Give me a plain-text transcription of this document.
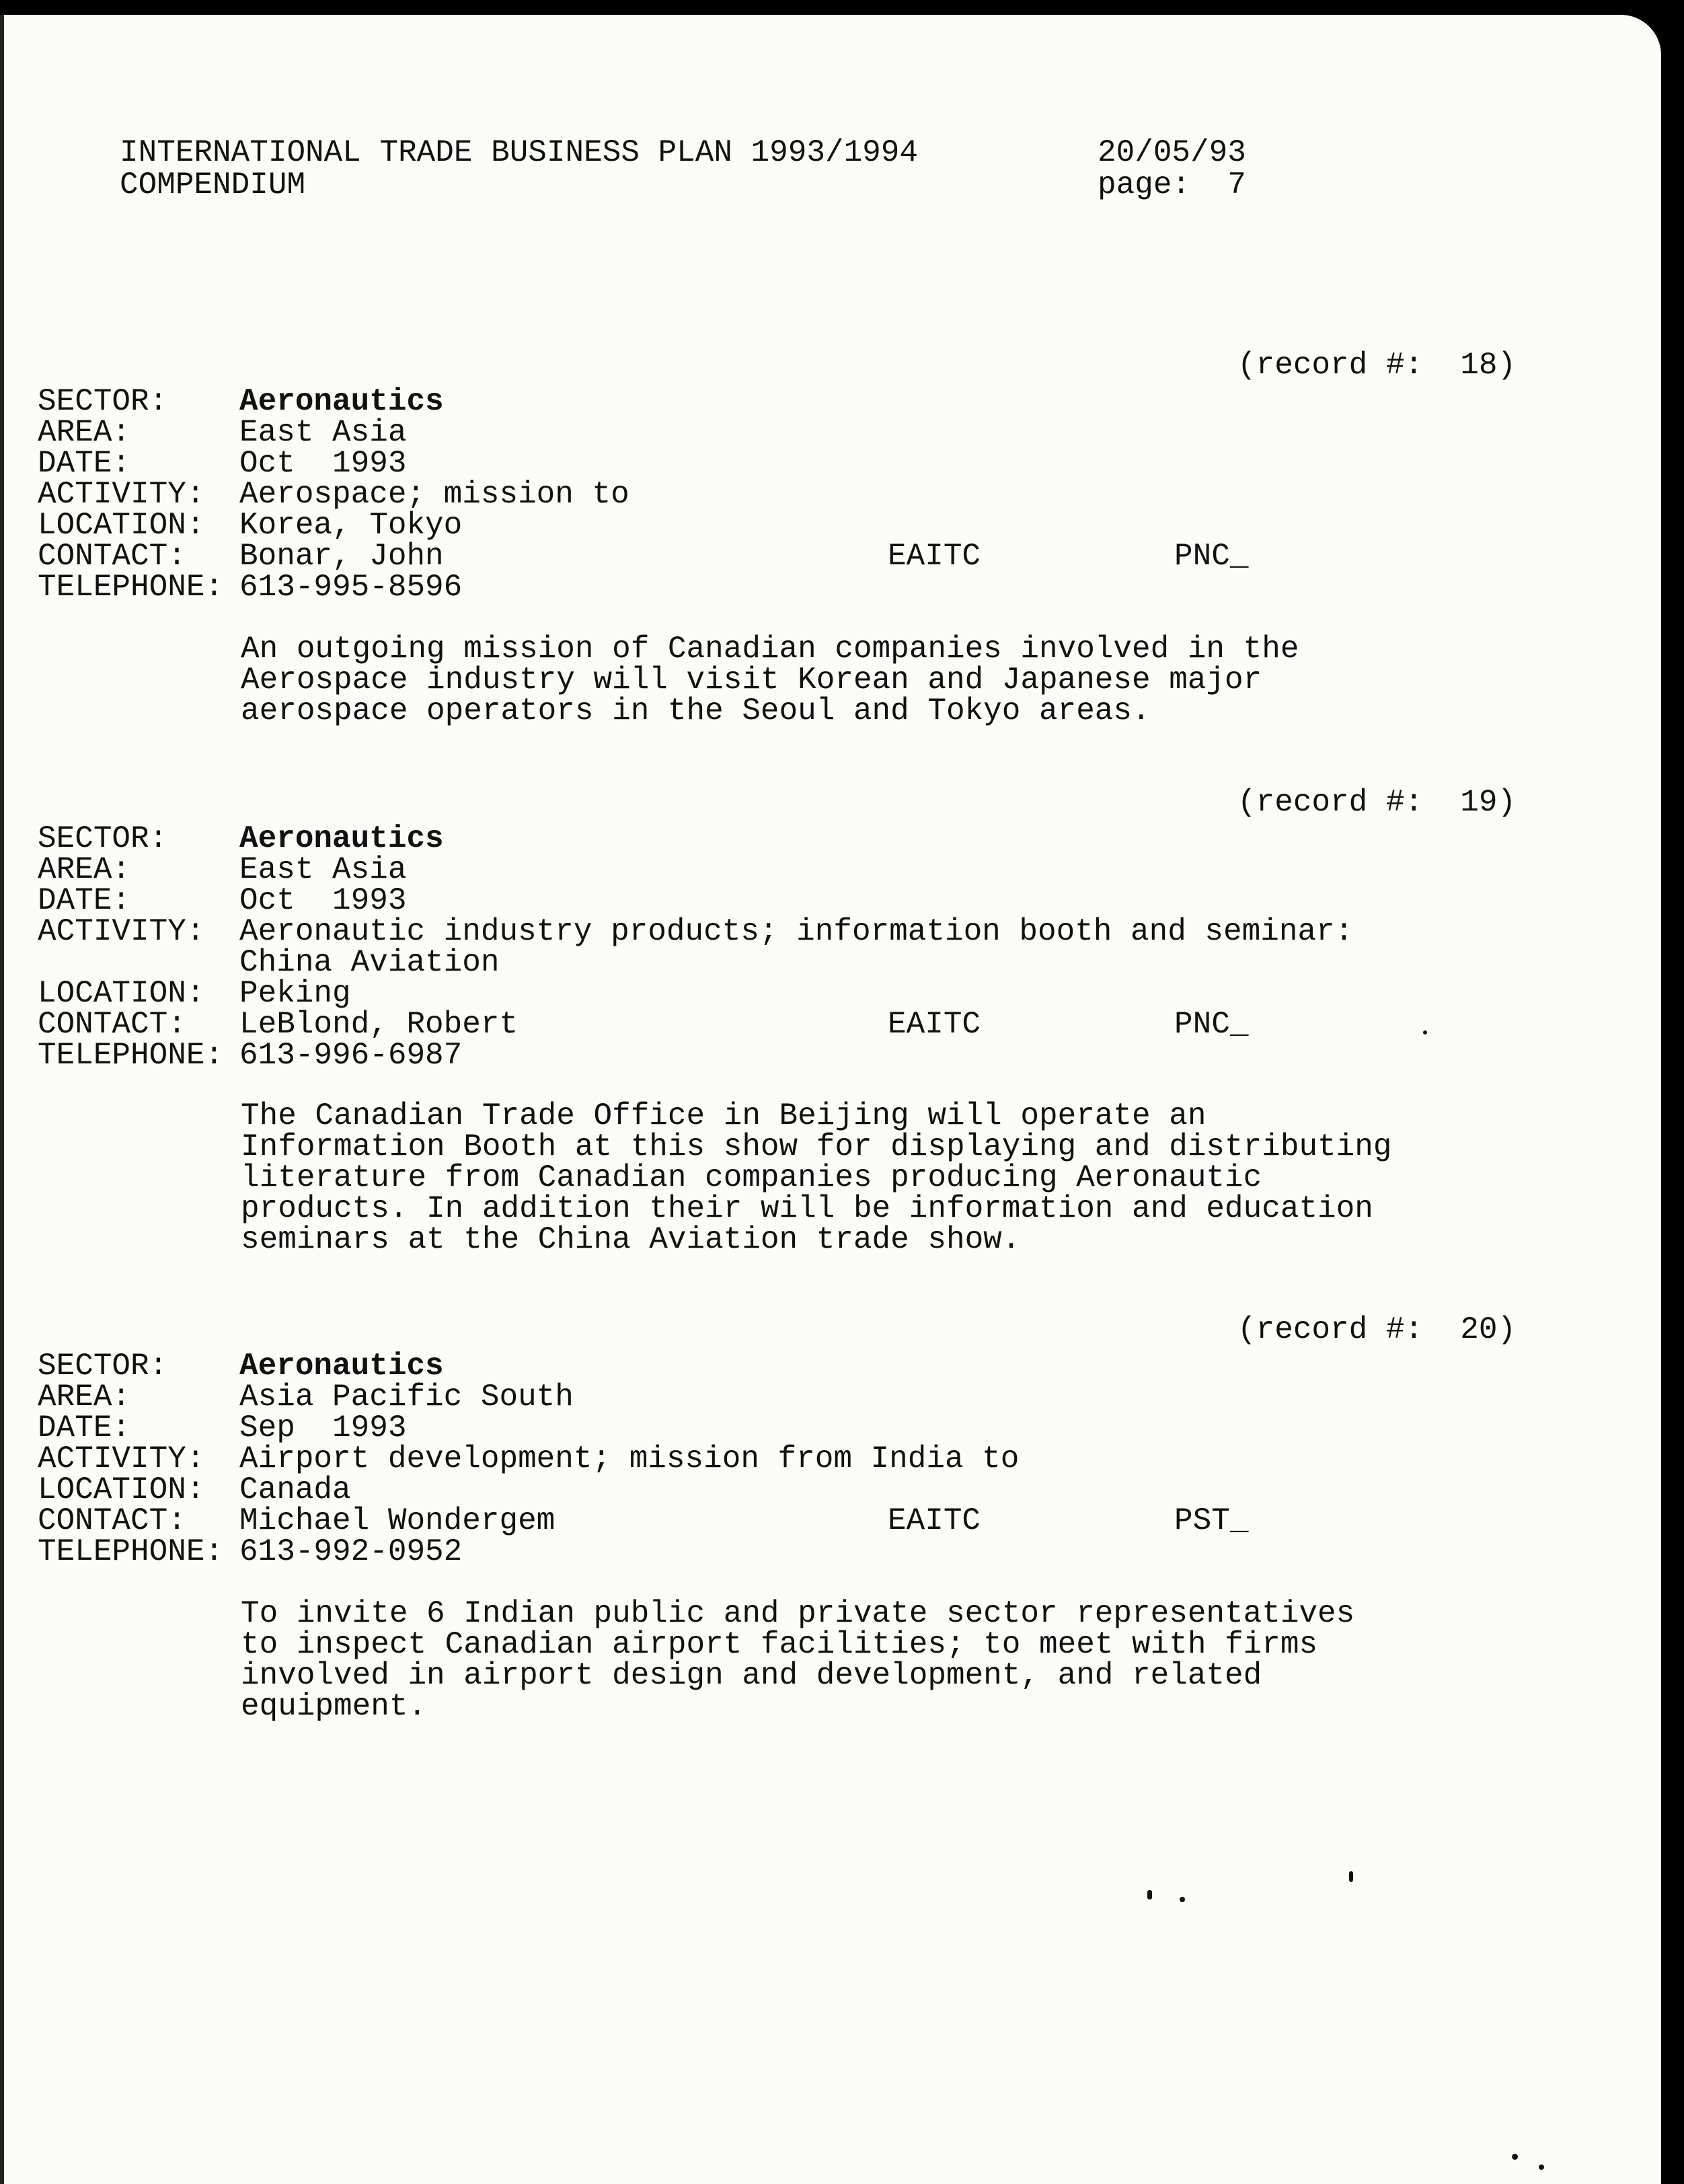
INTERNATIONAL TRADE BUSINESS PLAN 1993/1994
COMPENDIUM
20/05/93
page:  7
(record #:  18)
SECTOR: Aeronautics
AREA:	East Asia
DATE:	Oct  1993
ACTIVITY: Aerospace; mission to
LOCATION: Korea, Tokyo
CONTACT: Bonar, John	EAITC	PNC_
TELEPHONE: 613-995-8596
An outgoing mission of Canadian companies involved in the
Aerospace industry will visit Korean and Japanese major
aerospace operators in the Seoul and Tokyo areas.
(record #:  19)
SECTOR: Aeronautics
AREA:	East Asia
DATE:	Oct  1993
ACTIVITY: Aeronautic industry products; information booth and seminar:
China Aviation
LOCATION: Peking
CONTACT: LeBlond, Robert	EAITC	PNC_
TELEPHONE: 613-996-6987
The Canadian Trade Office in Beijing will operate an
Information Booth at this show for displaying and distributing
literature from Canadian companies producing Aeronautic
products. In addition their will be information and education
seminars at the China Aviation trade show.
(record #:  20)
SECTOR: Aeronautics
AREA:	Asia Pacific South
DATE:	Sep  1993
ACTIVITY: Airport development; mission from India to
LOCATION: Canada
CONTACT: Michael Wondergem	EAITC	PST_
TELEPHONE: 613-992-0952
To invite 6 Indian public and private sector representatives
to inspect Canadian airport facilities; to meet with firms
involved in airport design and development, and related
equipment.
